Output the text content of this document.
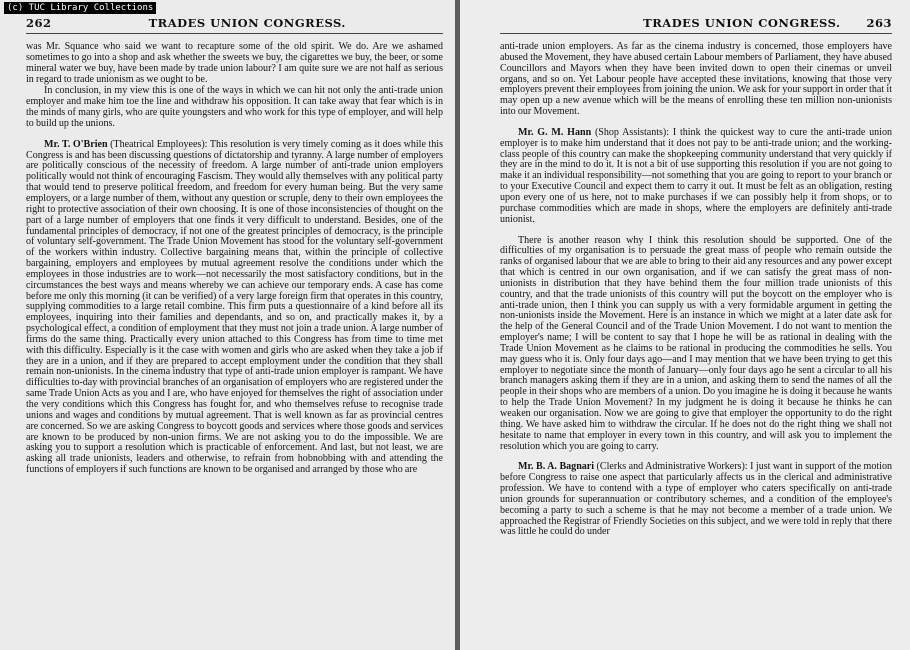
(c) TUC Library Collections
262	TRADES UNION CONGRESS.

was Mr. Squance who said we want to recapture some of the old spirit. We do. Are we ashamed sometimes to go into a shop and ask whether the sweets we buy, the cigarettes we buy, the beer, or some mineral water we buy, have been made by trade union labour? I am quite sure we are not half as serious in regard to trade unionism as we ought to be.

In conclusion, in my view this is one of the ways in which we can hit not only the anti-trade union employer and make him toe the line and withdraw his opposition. It can take away that fear which is in the minds of many girls, who are quite youngsters and who work for this type of employer, and will help to build up the unions.

Mr. T. O'Brien (Theatrical Employees): This resolution is very timely coming as it does while this Congress is and has been discussing questions of dictatorship and tyranny. A large number of employers are politically conscious of the necessity of freedom. A large number of anti-trade union employers politically would not think of encouraging Fascism. They would ally themselves with any political party that would tend to preserve political freedom, and freedom for every human being. But the very same employers, or a large number of them, without any question or scruple, deny to their own employees the right to protective association of their own choosing. It is one of those inconsistencies of thought on the part of a large number of employers that one finds it very difficult to understand. Besides, one of the fundamental principles of democracy, if not one of the greatest principles of democracy, is the principle of voluntary self-government. The Trade Union Movement has stood for the voluntary self-government of the workers within industry. Collective bargaining means that, within the principle of collective bargaining, employers and employees by mutual agreement resolve the conditions under which the employees in those industries are to work—not necessarily the most satisfactory conditions, but in the circumstances the best ways and means whereby we can achieve our temporary ends. A case has come before me only this morning (it can be verified) of a very large foreign firm that operates in this country, supplying commodities to a large retail combine. This firm puts a questionnaire of a kind before all its employees, inquiring into their families and dependants, and so on, and practically makes it, by a psychological effect, a condition of employment that they must not join a trade union. A large number of firms do the same thing. Practically every union attached to this Congress has from time to time met with this difficulty. Especially is it the case with women and girls who are asked when they take a job if they are in a union, and if they are prepared to accept employment under the condition that they shall remain non-unionists. In the cinema industry that type of anti-trade union employer is rampant. We have difficulties to-day with provincial branches of an organisation of employers who are registered under the same Trade Union Acts as you and I are, who have enjoyed for themselves the right of association under the very conditions which this Congress has fought for, and who themselves refuse to recognise trade unions and wages and conditions by mutual agreement. That is well known as far as provincial centres are concerned. So we are asking Congress to boycott goods and services where those goods and services are known to be produced by non-union firms. We are not asking you to do the impossible. We are asking you to support a resolution which is practicable of enforcement. And last, but not least, we are asking all trade unionists, leaders and otherwise, to refrain from hobnobbing with and attending the functions of employers if such functions are known to be organised and arranged by those who are

TRADES UNION CONGRESS.	263

anti-trade union employers. As far as the cinema industry is concerned, those employers have abused the Movement, they have abused certain Labour members of Parliament, they have abused Councillors and Mayors when they have been invited down to open their cinemas or unveil organs, and so on. Yet Labour people have accepted these invitations, knowing that those very employers prevent their employees from joining the union. We ask for your support in order that it may open up a new avenue which will be the means of enrolling these ten million non-unionists into our Movement.

Mr. G. M. Hann (Shop Assistants): I think the quickest way to cure the anti-trade union employer is to make him understand that it does not pay to be anti-trade union; and the working-class people of this country can make the shopkeeping community understand that very quickly if they are in the mind to do it. It is not a bit of use supporting this resolution if you are not going to make it an individual responsibility—not something that you are going to report to your branch or to your Executive Council and expect them to carry it out. It must be felt as an obligation, resting upon every one of us here, not to make purchases if we can possibly help it from shops, or to purchase commodities which are made in shops, where the employers are definitely anti-trade unionist.

There is another reason why I think this resolution should be supported. One of the difficulties of my organisation is to persuade the great mass of people who remain outside the ranks of organised labour that we are able to bring to their aid any resources and any power except that which is centred in our own organisation, and if we can satisfy the great mass of non-unionists in distribution that they have behind them the four million trade unionists of this country, and that the trade unionists of this country will put the boycott on the employer who is anti-trade union, then I think you can supply us with a very formidable argument in getting the non-unionists inside the Movement. Here is an instance in which we might at a later date ask for the help of the General Council and of the Trade Union Movement. I do not want to mention the employer's name; I will be content to say that I hope he will be as rational in dealing with the Trade Union Movement as he claims to be rational in producing the commodities he sells. You may guess who it is. Only four days ago—and I may mention that we have been trying to get this employer to negotiate since the month of January—only four days ago he sent a circular to all his branch managers asking them if they are in a union, and asking them to send the names of all the people in their shops who are members of a union. Do you imagine he is doing it because he wants to help the Trade Union Movement? In my judgment he is doing it because he thinks he can weaken our organisation. Now we are going to give that employer the opportunity to do the right thing. We have asked him to withdraw the circular. If he does not do the right thing we shall not hesitate to name that employer in every town in this country, and will ask you to implement the resolution which you are going to carry.

Mr. B. A. Bagnari (Clerks and Administrative Workers): I just want in support of the motion before Congress to raise one aspect that particularly affects us in the clerical and administrative profession. We have to contend with a type of employer who caters specifically on anti-trade union grounds for superannuation or contributory schemes, and a condition of the employee's becoming a party to such a scheme is that he may not become a member of a trade union. We approached the Registrar of Friendly Societies on this subject, and we were told in reply that there was little he could do under
